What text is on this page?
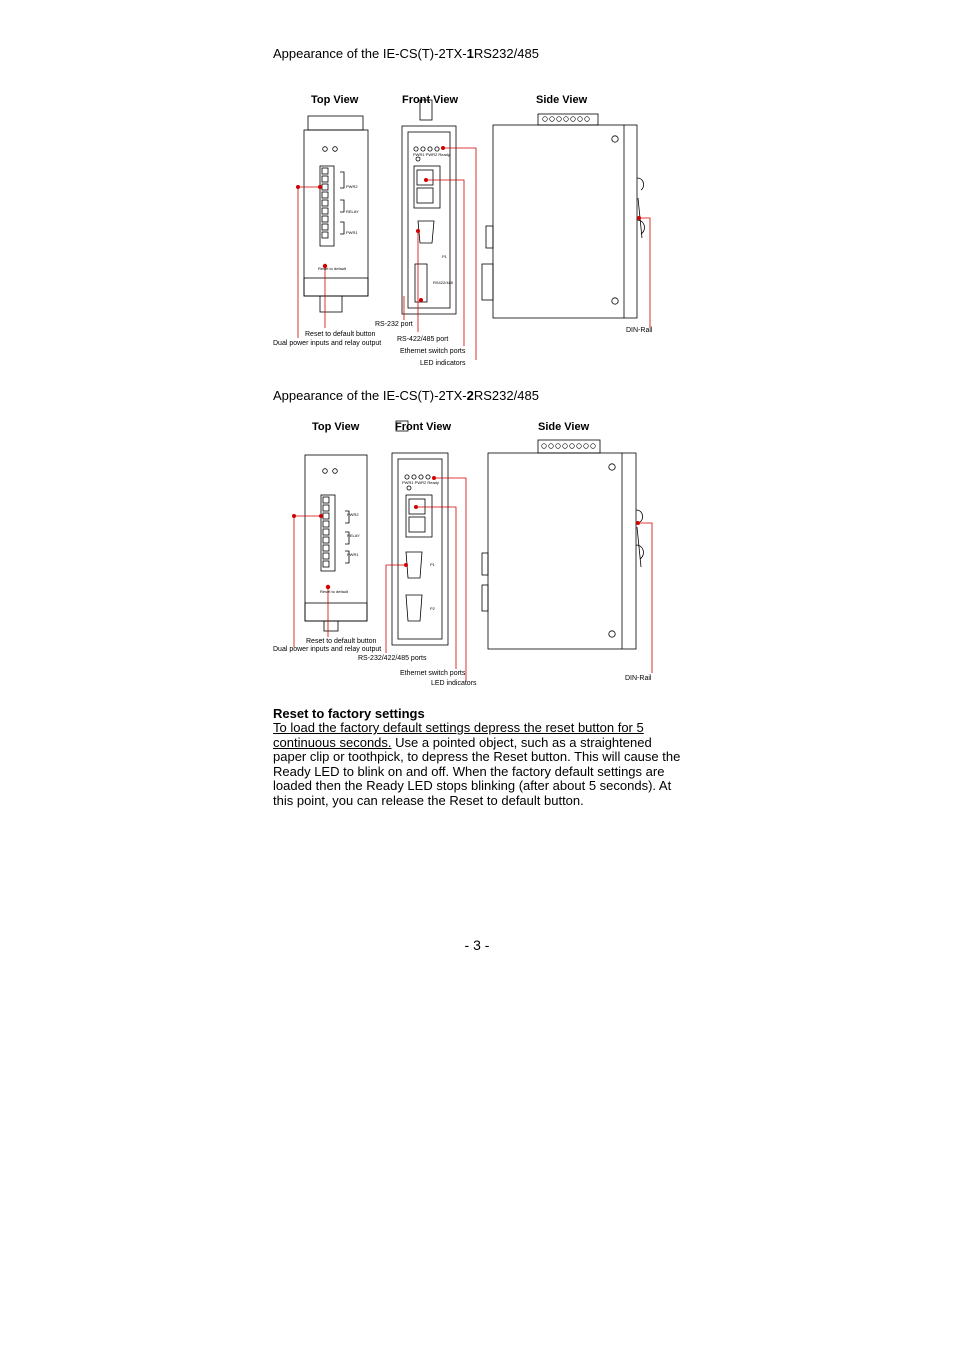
Appearance of the IE-CS(T)-2TX-1RS232/485
Top View	Front View	Side View
Reset to default
PWR1 PWR2 Ready
RELAY
PWR2
PWR1
P1
RS422/485
RS-232 port
Reset to default button
Dual power inputs and relay output
RS-422/485 port
Ethernet switch ports
LED indicators
DIN-Rail
Appearance of the IE-CS(T)-2TX-2RS232/485
Top View	Front View	Side View
Reset to default
PWR1 PWR2 Ready
RELAY
PWR2
PWR1
P1
P2
Reset to default button
Dual power inputs and relay output
RS-232/422/485 ports
Ethernet switch ports
LED indicators
DIN-Rail
Reset to factory settings
To load the factory default settings depress the reset button for 5 continuous seconds. Use a pointed object, such as a straightened paper clip or toothpick, to depress the Reset button. This will cause the Ready LED to blink on and off. When the factory default settings are loaded then the Ready LED stops blinking (after about 5 seconds). At this point, you can release the Reset to default button.
- 3 -
